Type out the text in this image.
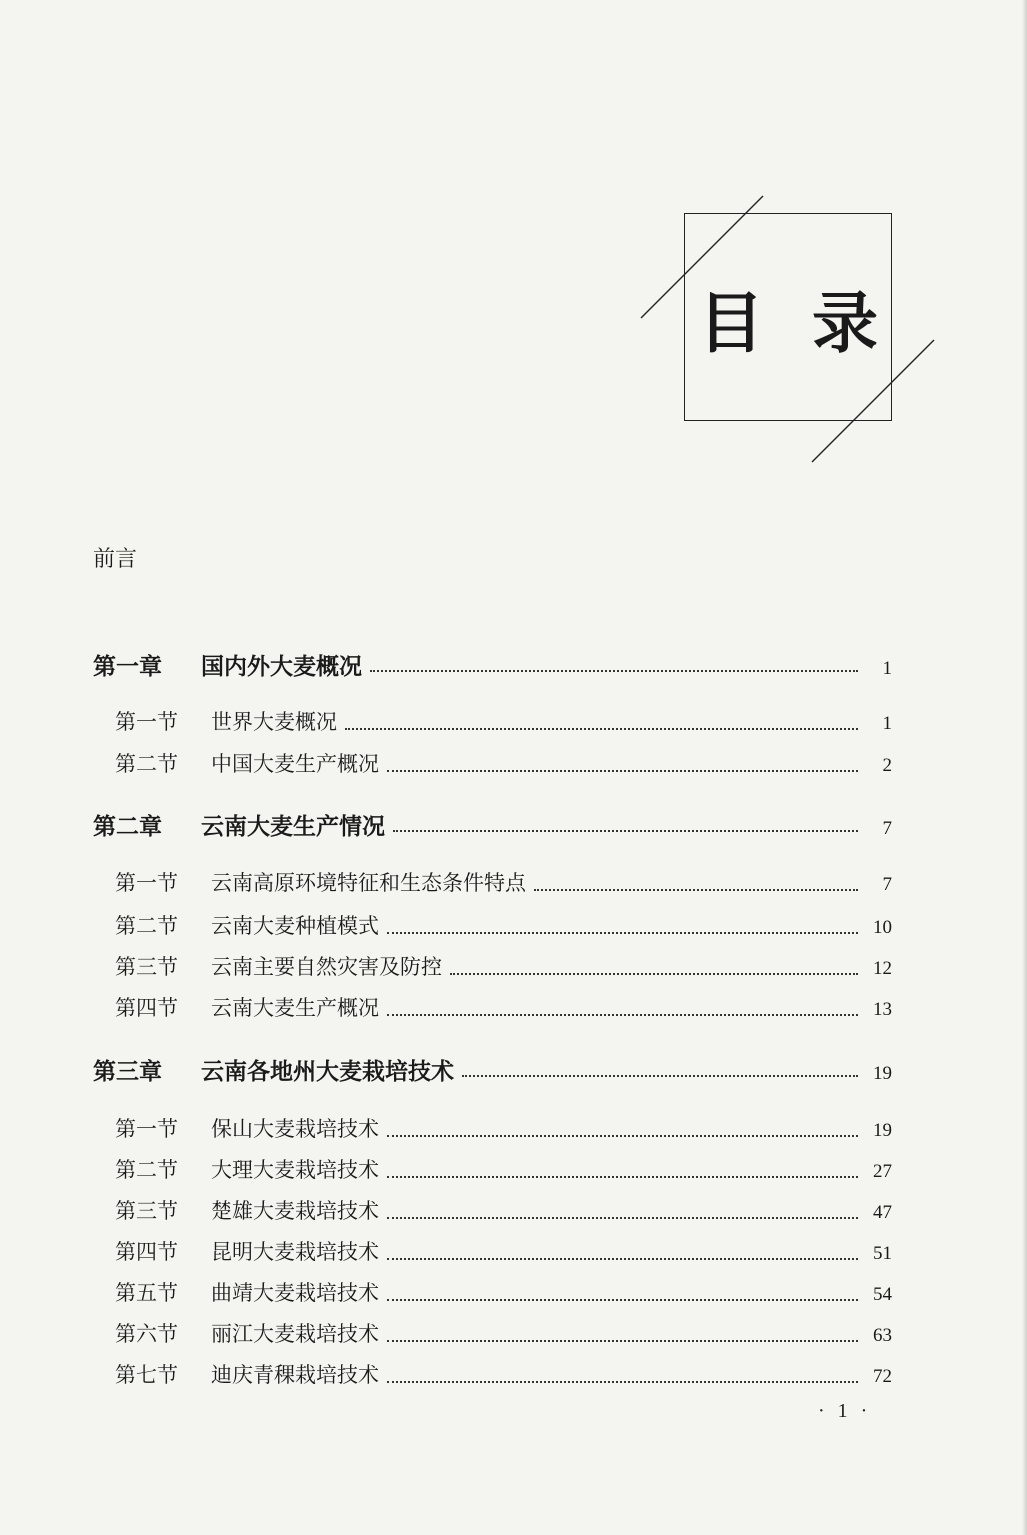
目 录
前言
第一章	国内外大麦概况	1
第一节	世界大麦概况	1
第二节	中国大麦生产概况	2
第二章	云南大麦生产情况	7
第一节	云南高原环境特征和生态条件特点	7
第二节	云南大麦种植模式	10
第三节	云南主要自然灾害及防控	12
第四节	云南大麦生产概况	13
第三章	云南各地州大麦栽培技术	19
第一节	保山大麦栽培技术	19
第二节	大理大麦栽培技术	27
第三节	楚雄大麦栽培技术	47
第四节	昆明大麦栽培技术	51
第五节	曲靖大麦栽培技术	54
第六节	丽江大麦栽培技术	63
第七节	迪庆青稞栽培技术	72
· 1 ·
